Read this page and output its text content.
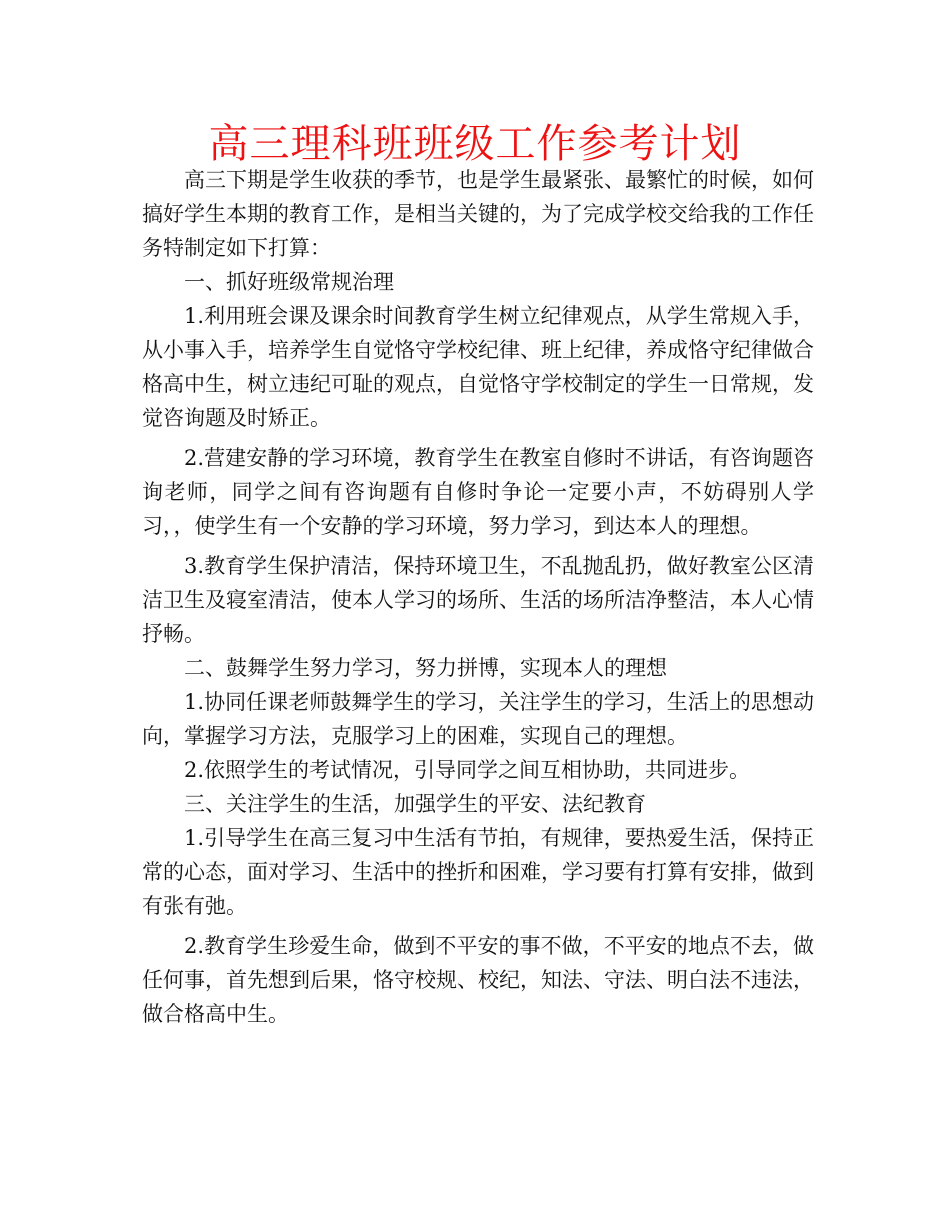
高三理科班班级工作参考计划

高三下期是学生收获的季节，也是学生最紧张、最繁忙的时候，如何搞好学生本期的教育工作，是相当关键的，为了完成学校交给我的工作任务特制定如下打算：

一、抓好班级常规治理

1.利用班会课及课余时间教育学生树立纪律观点，从学生常规入手，从小事入手，培养学生自觉恪守学校纪律、班上纪律，养成恪守纪律做合格高中生，树立违纪可耻的观点，自觉恪守学校制定的学生一日常规，发觉咨询题及时矫正。

2.营建安静的学习环境，教育学生在教室自修时不讲话，有咨询题咨询老师，同学之间有咨询题有自修时争论一定要小声，不妨碍别人学习，，使学生有一个安静的学习环境，努力学习，到达本人的理想。

3.教育学生保护清洁，保持环境卫生，不乱抛乱扔，做好教室公区清洁卫生及寝室清洁，使本人学习的场所、生活的场所洁净整洁，本人心情抒畅。

二、鼓舞学生努力学习，努力拼博，实现本人的理想

1.协同任课老师鼓舞学生的学习，关注学生的学习，生活上的思想动向，掌握学习方法，克服学习上的困难，实现自己的理想。

2.依照学生的考试情况，引导同学之间互相协助，共同进步。

三、关注学生的生活，加强学生的平安、法纪教育

1.引导学生在高三复习中生活有节拍，有规律，要热爱生活，保持正常的心态，面对学习、生活中的挫折和困难，学习要有打算有安排，做到有张有弛。

2.教育学生珍爱生命，做到不平安的事不做，不平安的地点不去，做任何事，首先想到后果，恪守校规、校纪，知法、守法、明白法不违法，做合格高中生。
